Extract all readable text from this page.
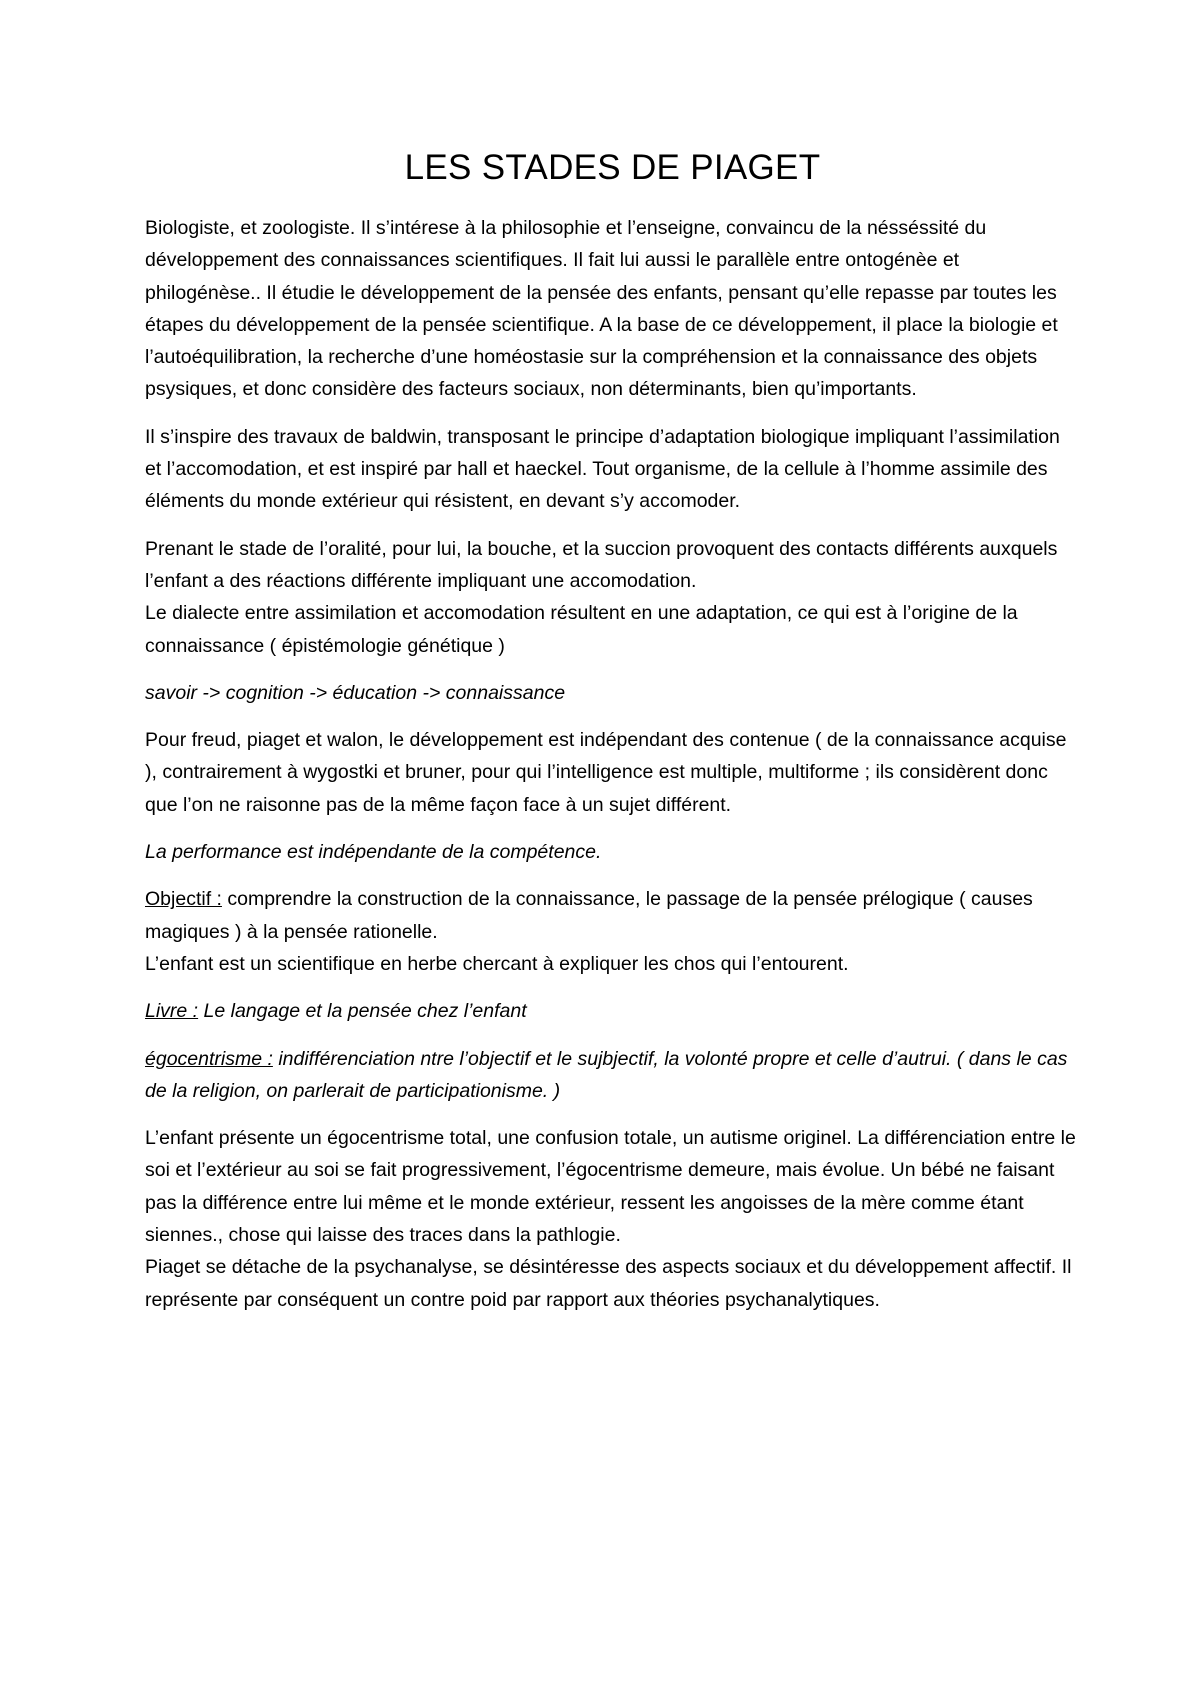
LES STADES DE PIAGET

Biologiste, et zoologiste. Il s’intérese à la philosophie et l’enseigne, convaincu de la nésséssité du développement des connaissances scientifiques. Il fait lui aussi le parallèle entre ontogénèe et philogénèse.. Il étudie le développement de la pensée des enfants, pensant qu’elle repasse par toutes les étapes du développement de la pensée scientifique. A la base de ce développement, il place la biologie et l’autoéquilibration, la recherche d’une homéostasie sur la compréhension et la connaissance des objets psysiques, et donc considère des facteurs sociaux, non déterminants, bien qu’importants.

Il s’inspire des travaux de baldwin, transposant le principe d’adaptation biologique impliquant l’assimilation et l’accomodation, et est inspiré par hall et haeckel. Tout organisme, de la cellule à l’homme assimile des éléments du monde extérieur qui résistent, en devant s’y accomoder.

Prenant le stade de l’oralité, pour lui, la bouche, et la succion provoquent des contacts différents auxquels l’enfant a des réactions différente impliquant une accomodation.
Le dialecte entre assimilation et accomodation résultent en une adaptation, ce qui est à l’origine de la connaissance ( épistémologie génétique )

savoir -> cognition -> éducation -> connaissance

Pour freud, piaget et walon, le développement est indépendant des contenue ( de la connaissance acquise ), contrairement à wygostki et bruner, pour qui l’intelligence est multiple, multiforme ; ils considèrent donc que l’on ne raisonne pas de la même façon face à un sujet différent.

La performance est indépendante de la compétence.

Objectif : comprendre la construction de la connaissance, le passage de la pensée prélogique ( causes magiques ) à la pensée rationelle.
L’enfant est un scientifique en herbe chercant à expliquer les chos qui l’entourent.

Livre : Le langage et la pensée chez l’enfant

égocentrisme : indifférenciation ntre l’objectif et le sujbjectif, la volonté propre et celle d’autrui. ( dans le cas de la religion, on parlerait de participationisme. )

L’enfant présente un égocentrisme total, une confusion totale, un autisme originel. La différenciation entre le soi et l’extérieur au soi se fait progressivement, l’égocentrisme demeure, mais évolue. Un bébé ne faisant pas la différence entre lui même et le monde extérieur, ressent les angoisses de la mère comme étant siennes., chose qui laisse des traces dans la pathlogie.
Piaget se détache de la psychanalyse, se désintéresse des aspects sociaux et du développement affectif. Il représente par conséquent un contre poid par rapport aux théories psychanalytiques.
